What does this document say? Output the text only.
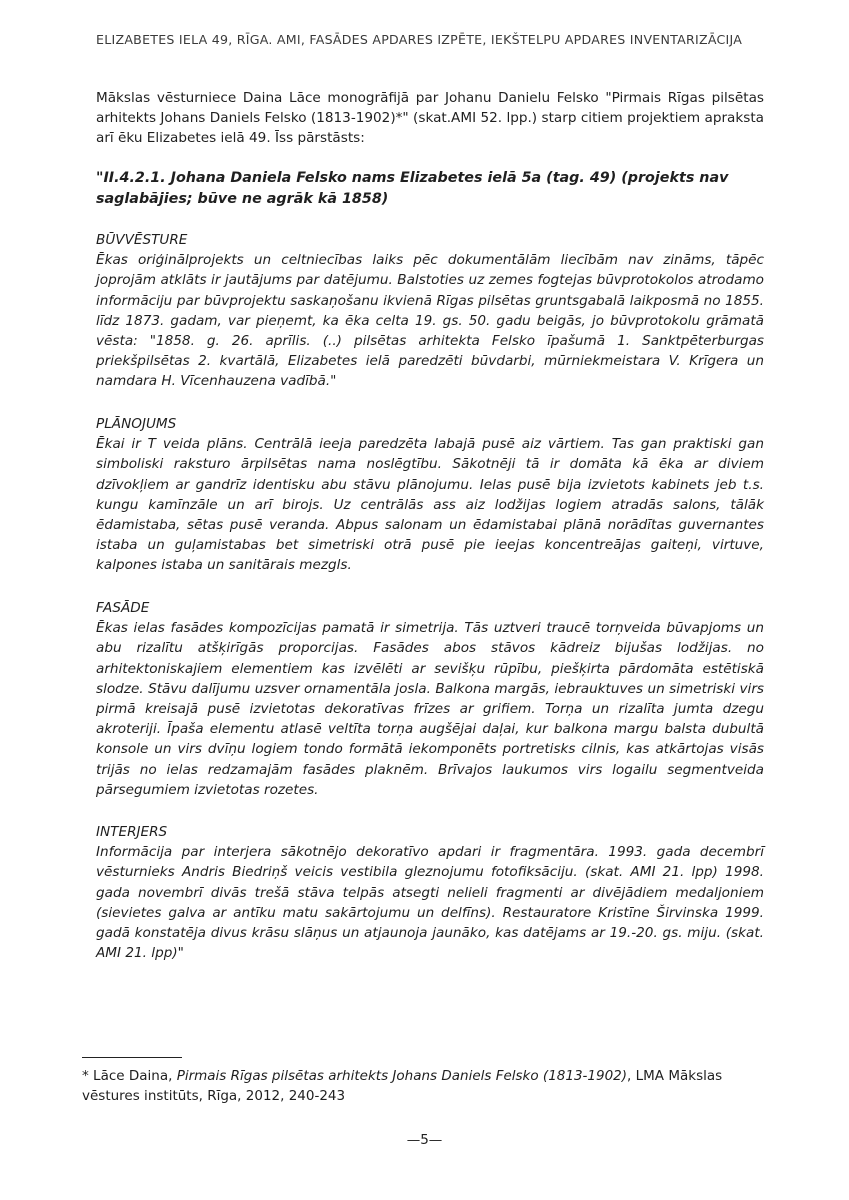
ELIZABETES IELA 49, RĪGA. AMI, FASĀDES APDARES IZPĒTE, IEKŠTELPU APDARES INVENTARIZĀCIJA
Mākslas vēsturniece Daina Lāce monogrāfijā par Johanu Danielu Felsko "Pirmais Rīgas pilsētas arhitekts Johans Daniels Felsko (1813-1902)*" (skat.AMI 52. lpp.) starp citiem projektiem apraksta arī ēku Elizabetes ielā 49. Īss pārstāsts:
"II.4.2.1. Johana Daniela Felsko nams Elizabetes ielā 5a (tag. 49) (projekts nav saglabājies; būve ne agrāk kā 1858)
BŪVVĒSTURE

Ēkas oriģinālprojekts un celtniecības laiks pēc dokumentālām liecībām nav zināms, tāpēc joprojām atklāts ir jautājums par datējumu. Balstoties uz zemes fogtejas būvprotokolos atrodamo informāciju par būvprojektu saskaņošanu ikvienā Rīgas pilsētas gruntsgabalā laikposmā no 1855. līdz 1873. gadam, var pieņemt, ka ēka celta 19. gs. 50. gadu beigās, jo būvprotokolu grāmatā vēsta: "1858. g. 26. aprīlis. (..) pilsētas arhitekta Felsko īpašumā 1. Sanktpēterburgas priekšpilsētas 2. kvartālā, Elizabetes ielā paredzēti būvdarbi, mūrniekmeistara V. Krīgera un namdara H. Vīcenhauzena vadībā."

PLĀNOJUMS

Ēkai ir T veida plāns. Centrālā ieeja paredzēta labajā pusē aiz vārtiem. Tas gan praktiski gan simboliski raksturo ārpilsētas nama noslēgtību. Sākotnēji tā ir domāta kā ēka ar diviem dzīvokļiem ar gandrīz identisku abu stāvu plānojumu. Ielas pusē bija izvietots kabinets jeb t.s. kungu kamīnzāle un arī birojs. Uz centrālās ass aiz lodžijas logiem atradās salons, tālāk ēdamistaba, sētas pusē veranda. Abpus salonam un ēdamistabai plānā norādītas guvernantes istaba un guļamistabas bet simetriski otrā pusē pie ieejas koncentreājas gaiteņi, virtuve, kalpones istaba un sanitārais mezgls.

FASĀDE

Ēkas ielas fasādes kompozīcijas pamatā ir simetrija. Tās uztveri traucē torņveida būvapjoms un abu rizalītu atšķirīgās proporcijas. Fasādes abos stāvos kādreiz bijušas lodžijas. no arhitektoniskajiem elementiem kas izvēlēti ar sevišķu rūpību, piešķirta pārdomāta estētiskā slodze. Stāvu dalījumu uzsver ornamentāla josla. Balkona margās, iebrauktuves un simetriski virs pirmā kreisajā pusē izvietotas dekoratīvas frīzes ar grifiem. Torņa un rizalīta jumta dzegu akroteriji. Īpaša elementu atlasē veltīta torņa augšējai daļai, kur balkona margu balsta dubultā konsole un virs dvīņu logiem tondo formātā iekomponēts portretisks cilnis, kas atkārtojas visās trijās no ielas redzamajām fasādes plaknēm. Brīvajos laukumos virs logailu segmentveida pārsegumiem izvietotas rozetes.

INTERJERS

Informācija par interjera sākotnējo dekoratīvo apdari ir fragmentāra. 1993. gada decembrī vēsturnieks Andris Biedriņš veicis vestibila gleznojumu fotofiksāciju. (skat. AMI 21. lpp) 1998. gada novembrī divās trešā stāva telpās atsegti nelieli fragmenti ar divējādiem medaljoniem (sievietes galva ar antīku matu sakārtojumu un delfīns). Restauratore Kristīne Širvinska 1999. gadā konstatēja divus krāsu slāņus un atjaunoja jaunāko, kas datējams ar 19.-20. gs. miju. (skat. AMI 21. lpp)"

* Lāce Daina, Pirmais Rīgas pilsētas arhitekts Johans Daniels Felsko (1813-1902), LMA Mākslas vēstures institūts, Rīga, 2012, 240-243
—5—
